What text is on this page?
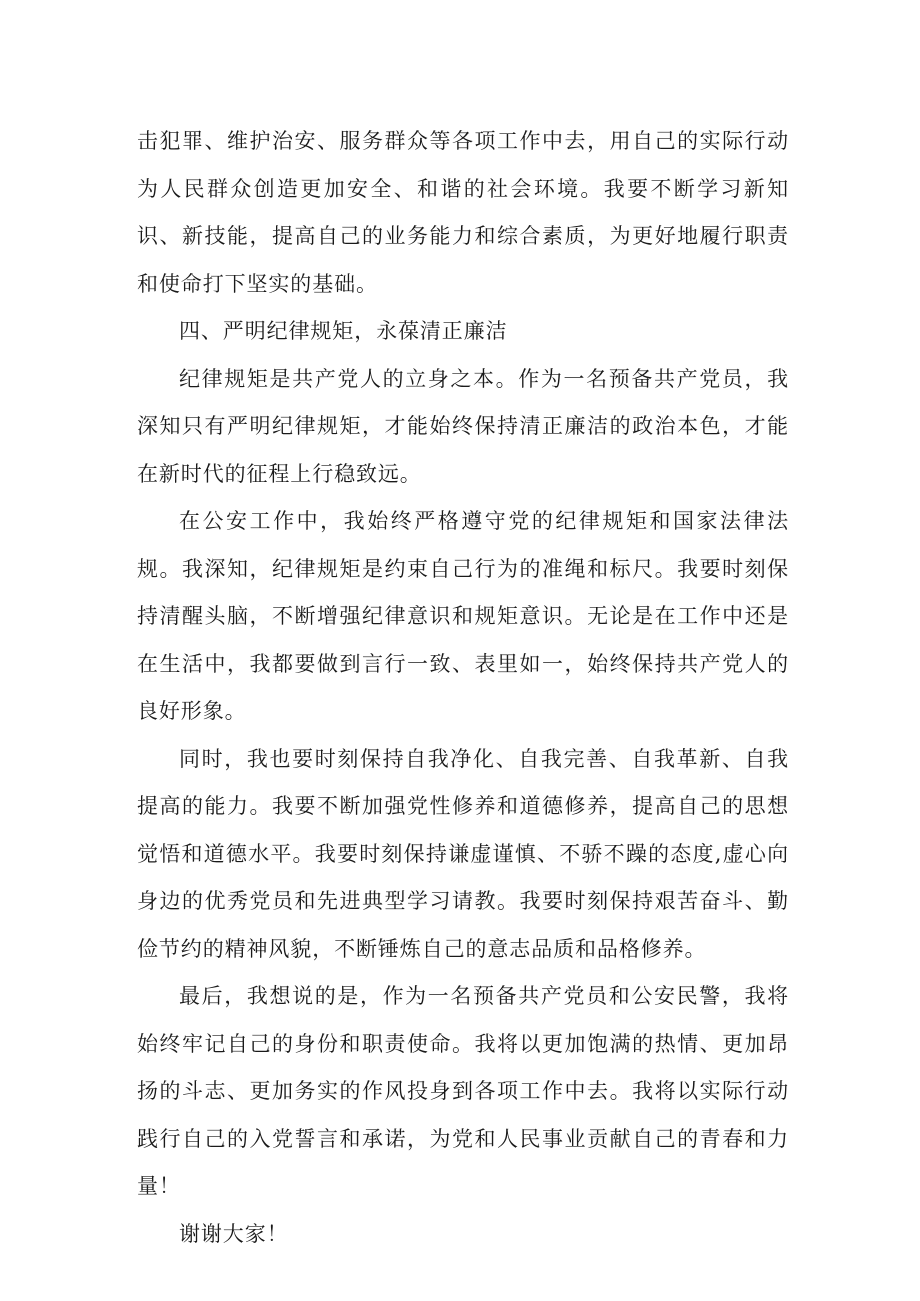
击犯罪、维护治安、服务群众等各项工作中去，用自己的实际行动为人民群众创造更加安全、和谐的社会环境。我要不断学习新知识、新技能，提高自己的业务能力和综合素质，为更好地履行职责和使命打下坚实的基础。

四、严明纪律规矩，永葆清正廉洁

纪律规矩是共产党人的立身之本。作为一名预备共产党员，我深知只有严明纪律规矩，才能始终保持清正廉洁的政治本色，才能在新时代的征程上行稳致远。

在公安工作中，我始终严格遵守党的纪律规矩和国家法律法规。我深知，纪律规矩是约束自己行为的准绳和标尺。我要时刻保持清醒头脑，不断增强纪律意识和规矩意识。无论是在工作中还是在生活中，我都要做到言行一致、表里如一，始终保持共产党人的良好形象。

同时，我也要时刻保持自我净化、自我完善、自我革新、自我提高的能力。我要不断加强党性修养和道德修养，提高自己的思想觉悟和道德水平。我要时刻保持谦虚谨慎、不骄不躁的态度,虚心向身边的优秀党员和先进典型学习请教。我要时刻保持艰苦奋斗、勤俭节约的精神风貌，不断锤炼自己的意志品质和品格修养。

最后，我想说的是，作为一名预备共产党员和公安民警，我将始终牢记自己的身份和职责使命。我将以更加饱满的热情、更加昂扬的斗志、更加务实的作风投身到各项工作中去。我将以实际行动践行自己的入党誓言和承诺，为党和人民事业贡献自己的青春和力量！

谢谢大家！
